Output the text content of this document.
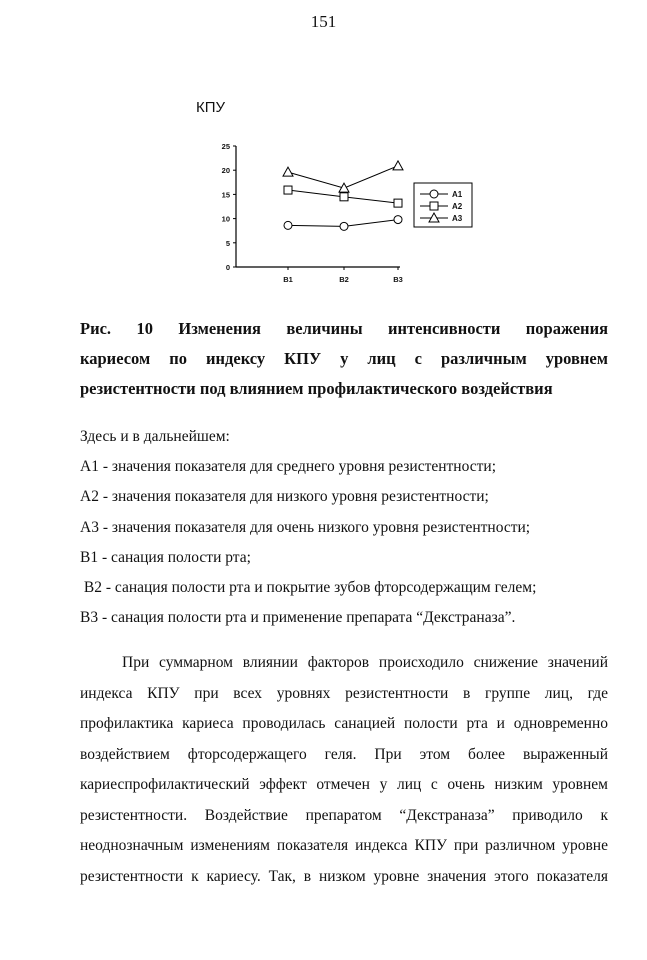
151
КПУ
0
5
10
15
20
25
В1	В2	В3
А1
А2
А3
Рис. 10 Изменения величины интенсивности поражения
кариесом по индексу КПУ у лиц с различным уровнем
резистентности под влиянием профилактического воздействия
Здесь и в дальнейшем:
А1 - значения показателя для среднего уровня резистентности;
А2 - значения показателя для низкого уровня резистентности;
А3 - значения показателя для очень низкого уровня резистентности;
В1 - санация полости рта;
В2 - санация полости рта и покрытие зубов фторсодержащим гелем;
В3 - санация полости рта и применение препарата “Декстраназа”.
При суммарном влиянии факторов происходило снижение значений
индекса КПУ при всех уровнях резистентности в группе лиц, где
профилактика кариеса проводилась санацией полости рта и одновременно
воздействием фторсодержащего геля. При этом более выраженный
кариеспрофилактический эффект отмечен у лиц с очень низким уровнем
резистентности. Воздействие препаратом “Декстраназа” приводило к
неоднозначным изменениям показателя индекса КПУ при различном уровне
резистентности к кариесу. Так, в низком уровне значения этого показателя
